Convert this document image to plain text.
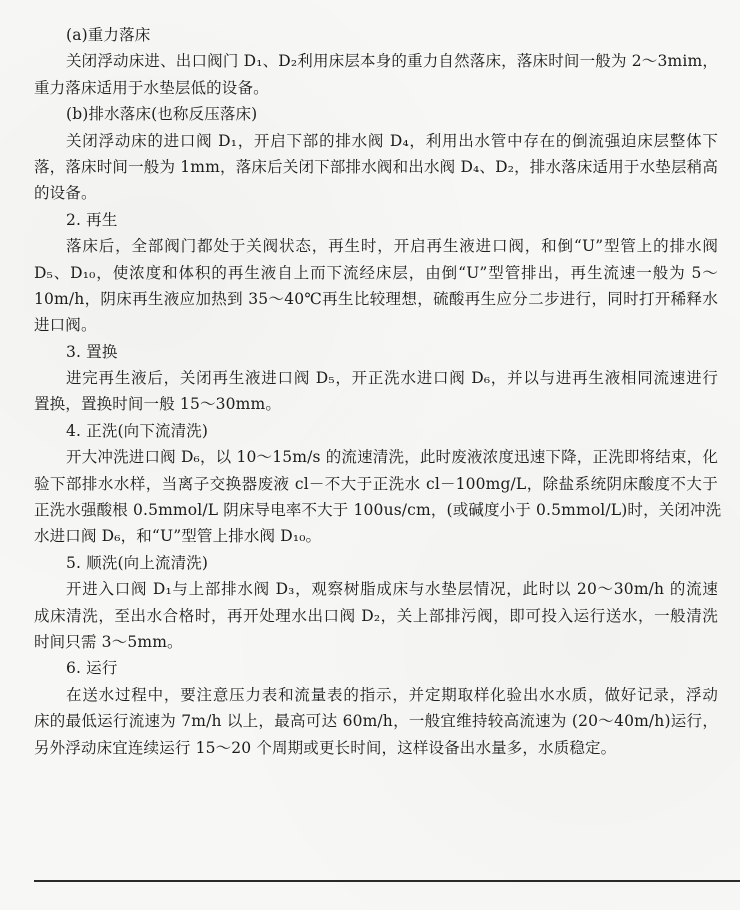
(a)重力落床
关闭浮动床进、出口阀门 D₁、D₂利用床层本身的重力自然落床，落床时间一般为 2～3mim，
重力落床适用于水垫层低的设备。
(b)排水落床(也称反压落床)
关闭浮动床的进口阀 D₁，开启下部的排水阀 D₄，利用出水管中存在的倒流强迫床层整体下
落，落床时间一般为 1mm，落床后关闭下部排水阀和出水阀 D₄、D₂，排水落床适用于水垫层稍高
的设备。
2. 再生
落床后，全部阀门都处于关阀状态，再生时，开启再生液进口阀，和倒“U”型管上的排水阀
D₅、D₁₀，使浓度和体积的再生液自上而下流经床层，由倒“U”型管排出，再生流速一般为 5～
10m/h，阴床再生液应加热到 35～40℃再生比较理想，硫酸再生应分二步进行，同时打开稀释水
进口阀。
3. 置换
进完再生液后，关闭再生液进口阀 D₅，开正洗水进口阀 D₆，并以与进再生液相同流速进行
置换，置换时间一般 15～30mm。
4. 正洗(向下流清洗)
开大冲洗进口阀 D₆，以 10～15m/s 的流速清洗，此时废液浓度迅速下降，正洗即将结束，化
验下部排水水样，当离子交换器废液 cl－不大于正洗水 cl－100mg/L，除盐系统阴床酸度不大于
正洗水强酸根 0.5mmol/L 阴床导电率不大于 100us/cm，(或碱度小于 0.5mmol/L)时，关闭冲洗
水进口阀 D₆，和“U”型管上排水阀 D₁₀。
5. 顺洗(向上流清洗)
开进入口阀 D₁与上部排水阀 D₃，观察树脂成床与水垫层情况，此时以 20～30m/h 的流速
成床清洗，至出水合格时，再开处理水出口阀 D₂，关上部排污阀，即可投入运行送水，一般清洗
时间只需 3～5mm。
6. 运行
在送水过程中，要注意压力表和流量表的指示，并定期取样化验出水水质，做好记录，浮动
床的最低运行流速为 7m/h 以上，最高可达 60m/h，一般宜维持较高流速为 (20～40m/h)运行，
另外浮动床宜连续运行 15～20 个周期或更长时间，这样设备出水量多，水质稳定。
